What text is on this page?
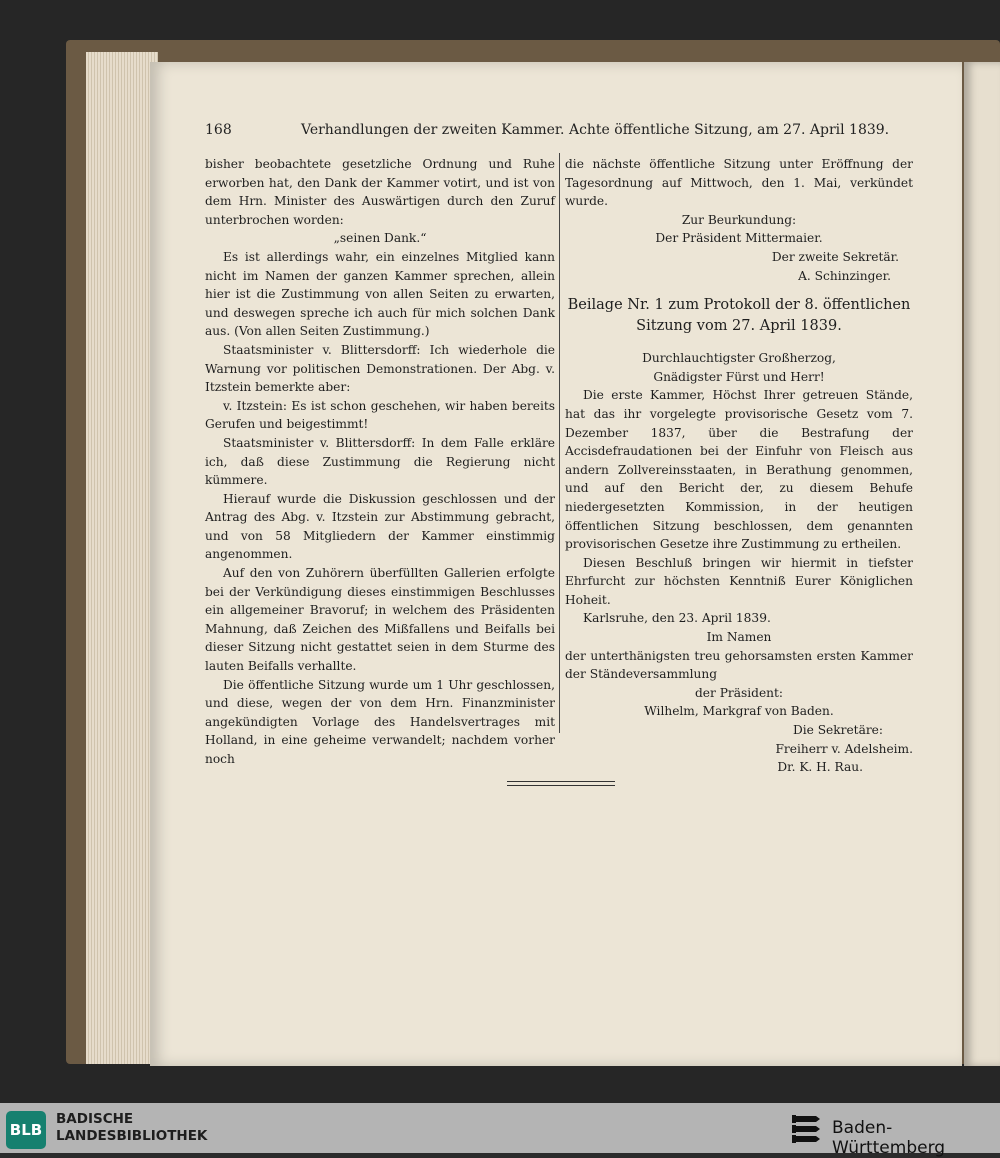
168	Verhandlungen der zweiten Kammer. Achte öffentliche Sitzung, am 27. April 1839.

bisher beobachtete gesetzliche Ordnung und Ruhe erworben hat, den Dank der Kammer votirt, und ist von dem Hrn. Minister des Auswärtigen durch den Zuruf unterbrochen worden:

„seinen Dank.“

Es ist allerdings wahr, ein einzelnes Mitglied kann nicht im Namen der ganzen Kammer sprechen, allein hier ist die Zustimmung von allen Seiten zu erwarten, und deswegen spreche ich auch für mich solchen Dank aus. (Von allen Seiten Zustimmung.)

Staatsminister v. Blittersdorff: Ich wiederhole die Warnung vor politischen Demonstrationen. Der Abg. v. Itzstein bemerkte aber:

v. Itzstein: Es ist schon geschehen, wir haben bereits Gerufen und beigestimmt!

Staatsminister v. Blittersdorff: In dem Falle erkläre ich, daß diese Zustimmung die Regierung nicht kümmere.

Hierauf wurde die Diskussion geschlossen und der Antrag des Abg. v. Itzstein zur Abstimmung gebracht, und von 58 Mitgliedern der Kammer einstimmig angenommen.

Auf den von Zuhörern überfüllten Gallerien erfolgte bei der Verkündigung dieses einstimmigen Beschlusses ein allgemeiner Bravoruf; in welchem des Präsidenten Mahnung, daß Zeichen des Mißfallens und Beifalls bei dieser Sitzung nicht gestattet seien in dem Sturme des lauten Beifalls verhallte.

Die öffentliche Sitzung wurde um 1 Uhr geschlossen, und diese, wegen der von dem Hrn. Finanzminister angekündigten Vorlage des Handelsvertrages mit Holland, in eine geheime verwandelt; nachdem vorher noch

die nächste öffentliche Sitzung unter Eröffnung der Tagesordnung auf Mittwoch, den 1. Mai, verkündet wurde.

Zur Beurkundung:

Der Präsident Mittermaier.

Der zweite Sekretär.

A. Schinzinger.

Beilage Nr. 1 zum Protokoll der 8. öffentlichen Sitzung vom 27. April 1839.

Durchlauchtigster Großherzog,

Gnädigster Fürst und Herr!

Die erste Kammer, Höchst Ihrer getreuen Stände, hat das ihr vorgelegte provisorische Gesetz vom 7. Dezember 1837, über die Bestrafung der Accisdefraudationen bei der Einfuhr von Fleisch aus andern Zollvereinsstaaten, in Berathung genommen, und auf den Bericht der, zu diesem Behufe niedergesetzten Kommission, in der heutigen öffentlichen Sitzung beschlossen, dem genannten provisorischen Gesetze ihre Zustimmung zu ertheilen.

Diesen Beschluß bringen wir hiermit in tiefster Ehrfurcht zur höchsten Kenntniß Eurer Königlichen Hoheit.

Karlsruhe, den 23. April 1839.

Im Namen

der unterthänigsten treu gehorsamsten ersten Kammer der Ständeversammlung

der Präsident:

Wilhelm, Markgraf von Baden.

Die Sekretäre:

Freiherr v. Adelsheim.

Dr. K. H. Rau.

BLB
BADISCHE
LANDESBIBLIOTHEK	Baden-Württemberg
